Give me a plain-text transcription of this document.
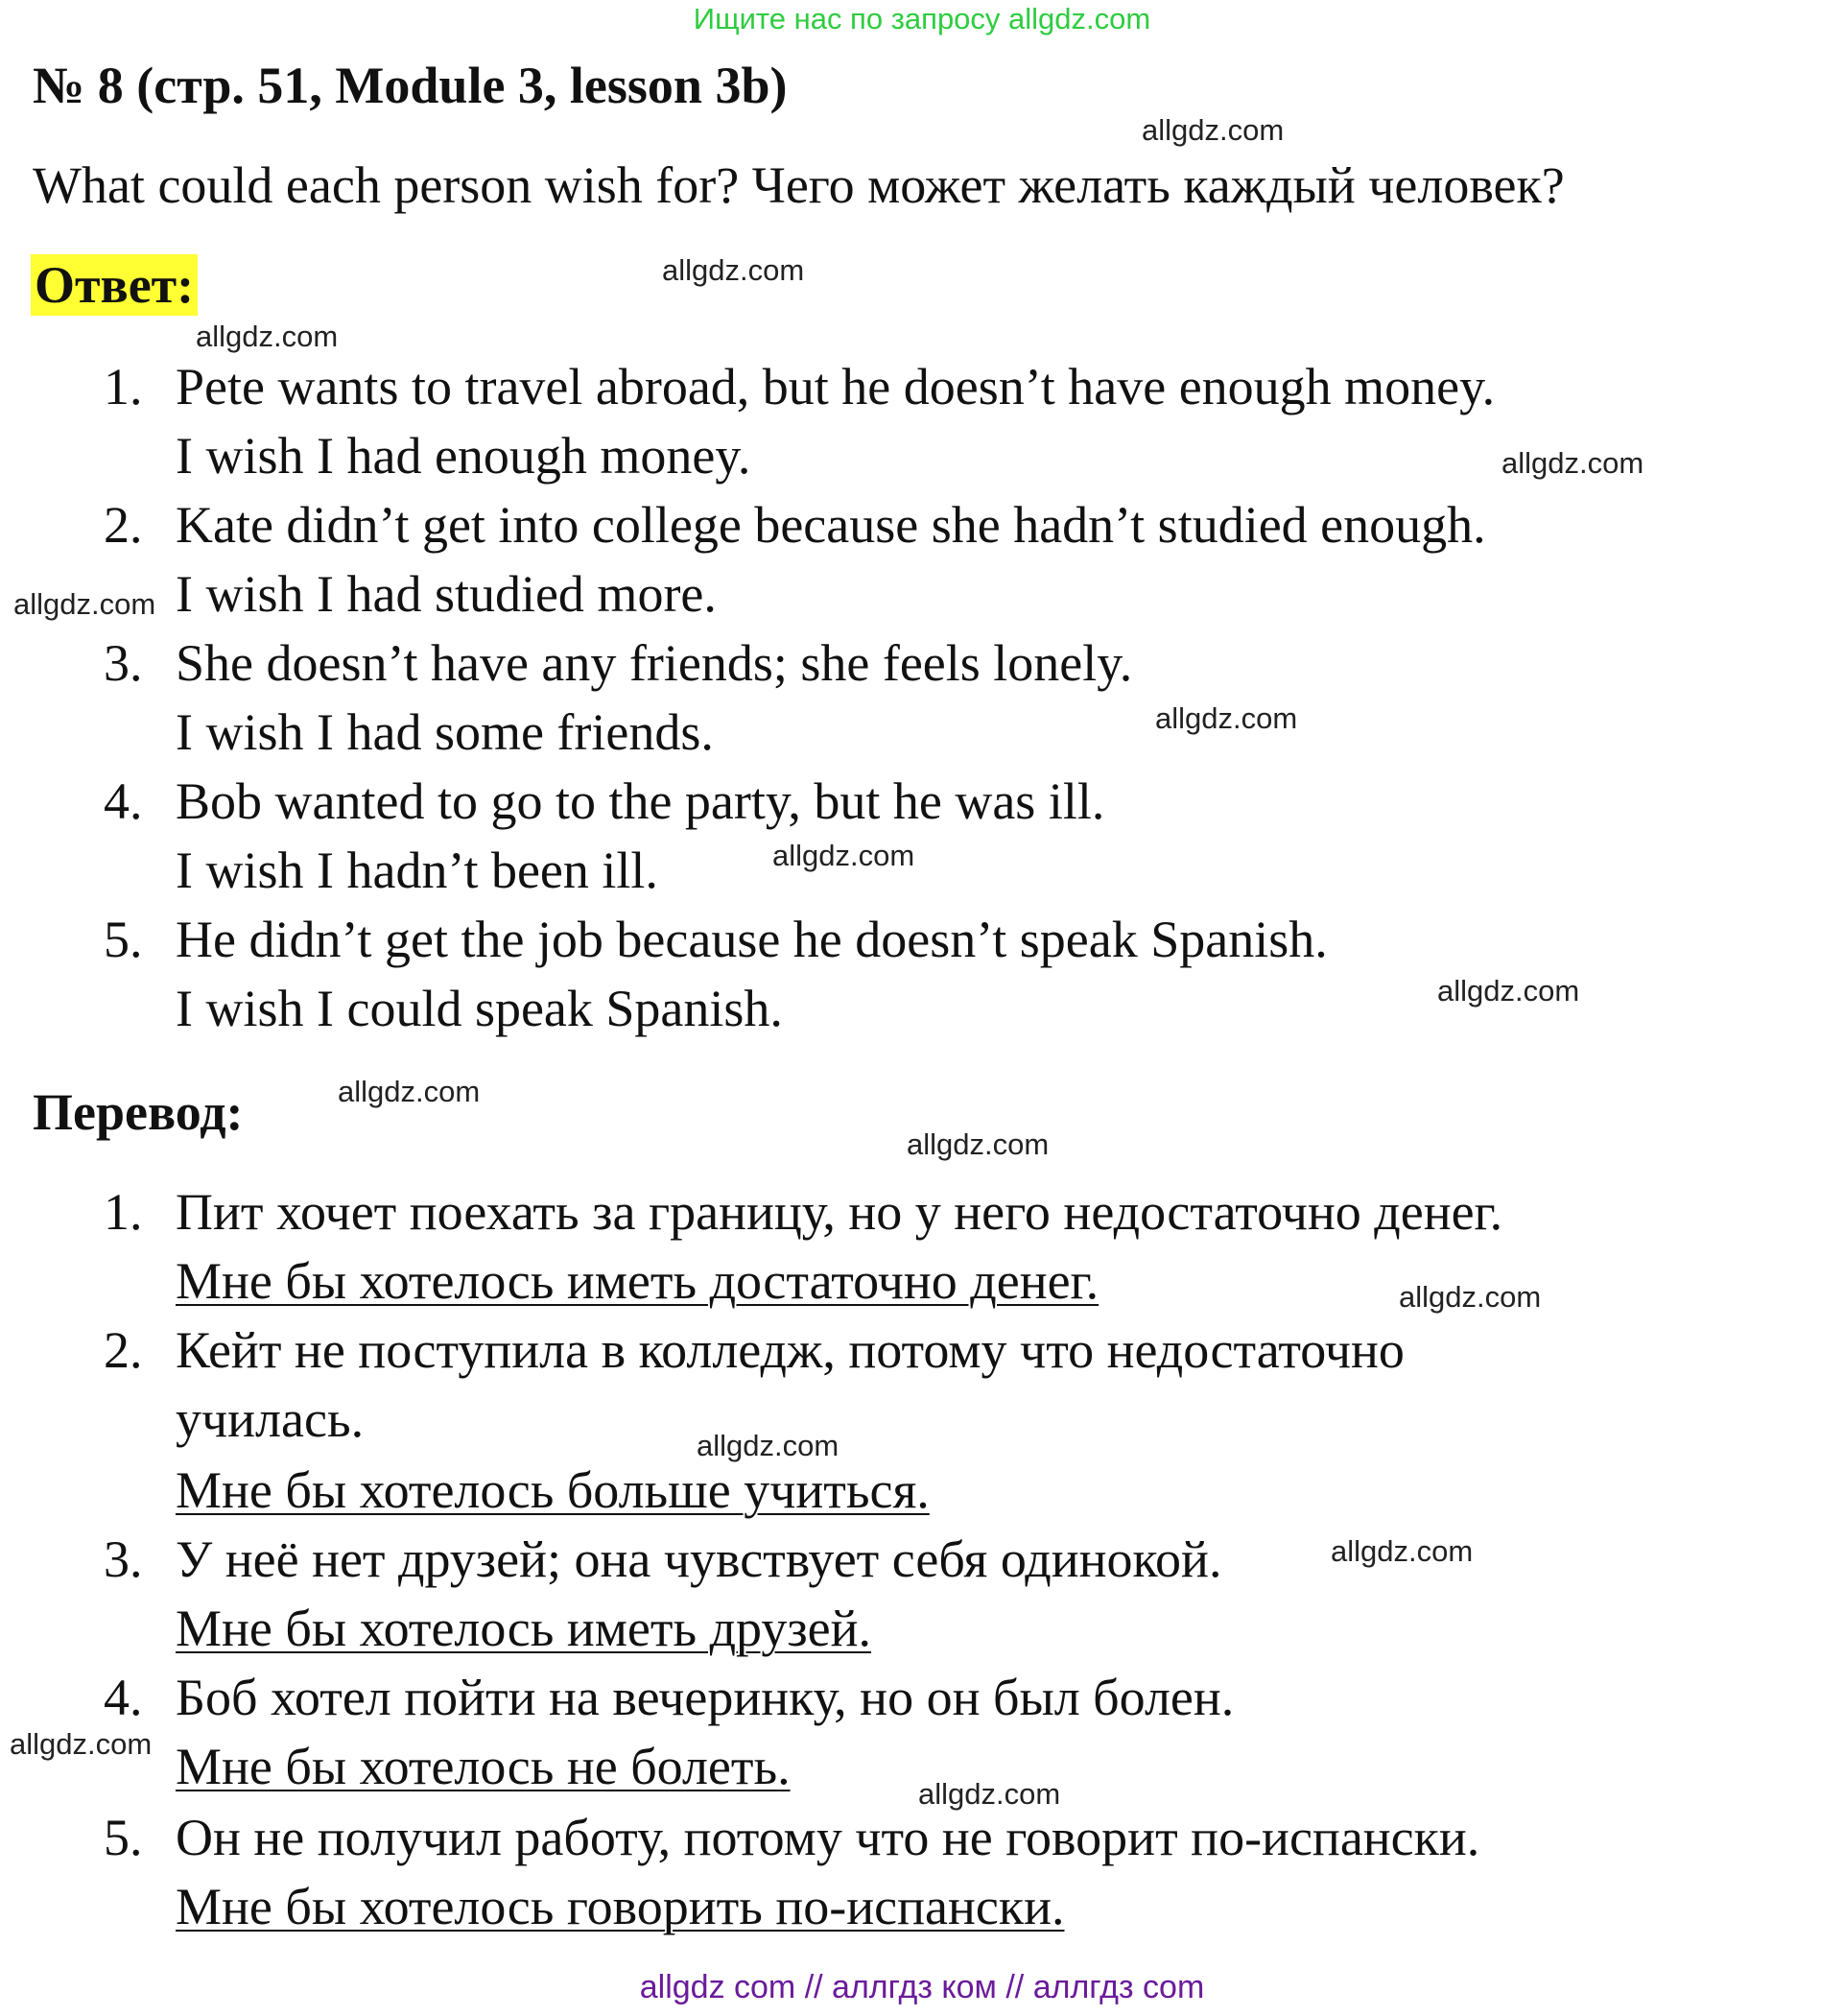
Ищите нас по запросу allgdz.com
№ 8 (стр. 51, Module 3, lesson 3b)
What could each person wish for? Чего может желать каждый человек?
Ответ:
1. Pete wants to travel abroad, but he doesn’t have enough money.
I wish I had enough money.
2. Kate didn’t get into college because she hadn’t studied enough.
I wish I had studied more.
3. She doesn’t have any friends; she feels lonely.
I wish I had some friends.
4. Bob wanted to go to the party, but he was ill.
I wish I hadn’t been ill.
5. He didn’t get the job because he doesn’t speak Spanish.
I wish I could speak Spanish.
Перевод:
1. Пит хочет поехать за границу, но у него недостаточно денег.
Мне бы хотелось иметь достаточно денег.
2. Кейт не поступила в колледж, потому что недостаточно
училась.
Мне бы хотелось больше учиться.
3. У неё нет друзей; она чувствует себя одинокой.
Мне бы хотелось иметь друзей.
4. Боб хотел пойти на вечеринку, но он был болен.
Мне бы хотелось не болеть.
5. Он не получил работу, потому что не говорит по-испански.
Мне бы хотелось говорить по-испански.
allgdz.com
allgdz.com
allgdz.com
allgdz.com
allgdz.com
allgdz.com
allgdz.com
allgdz.com
allgdz.com
allgdz.com
allgdz.com
allgdz.com
allgdz.com
allgdz.com
allgdz.com
allgdz com // аллгдз ком // аллгдз com
